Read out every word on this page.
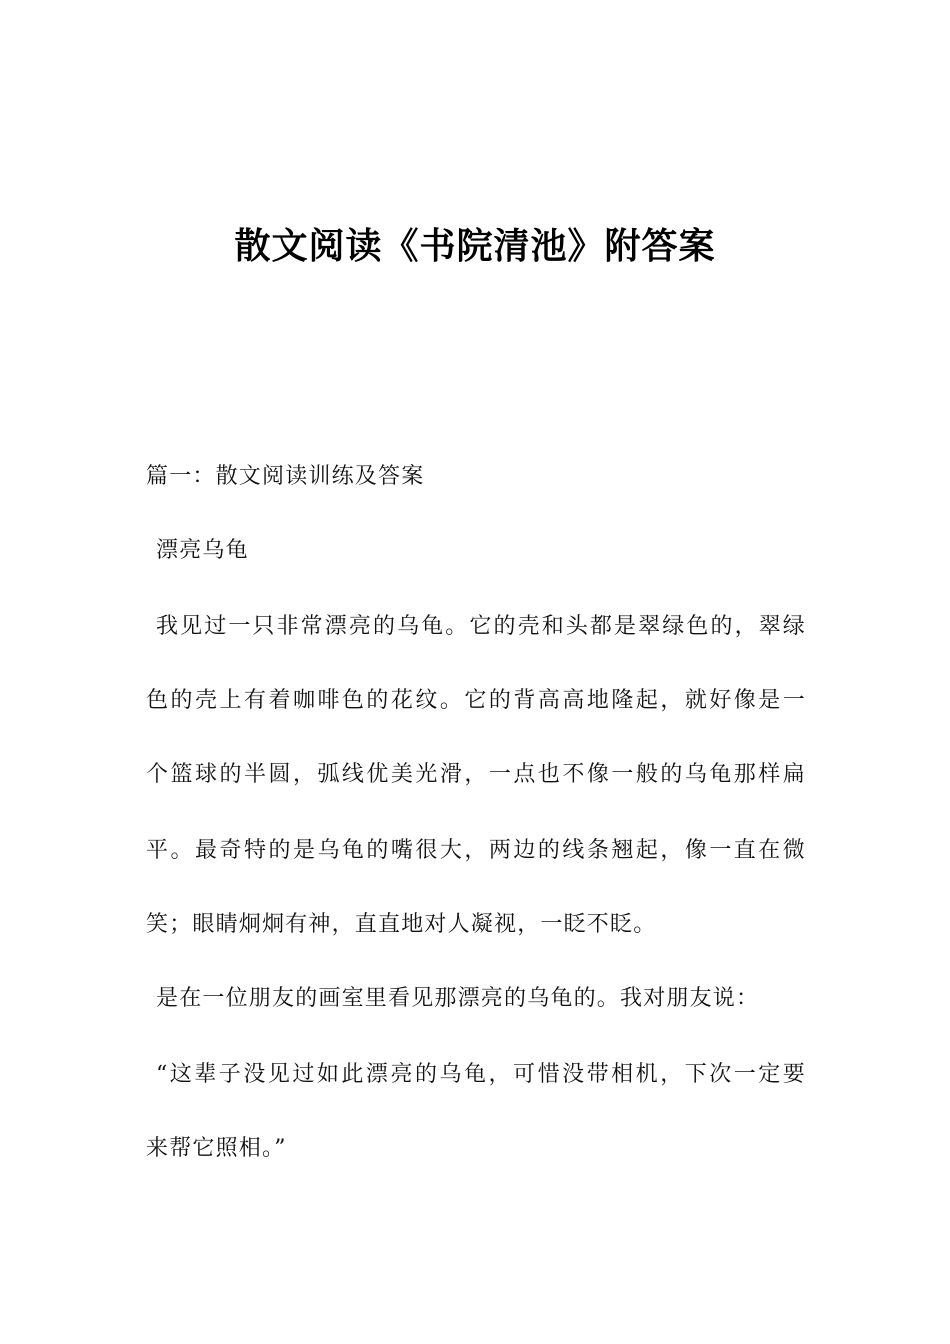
散文阅读《书院清池》附答案
篇一：散文阅读训练及答案
漂亮乌龟
我见过一只非常漂亮的乌龟。它的壳和头都是翠绿色的，翠绿
色的壳上有着咖啡色的花纹。它的背高高地隆起，就好像是一
个篮球的半圆，弧线优美光滑，一点也不像一般的乌龟那样扁
平。最奇特的是乌龟的嘴很大，两边的线条翘起，像一直在微
笑；眼睛炯炯有神，直直地对人凝视，一眨不眨。
是在一位朋友的画室里看见那漂亮的乌龟的。我对朋友说：
“这辈子没见过如此漂亮的乌龟，可惜没带相机，下次一定要
来帮它照相。”
